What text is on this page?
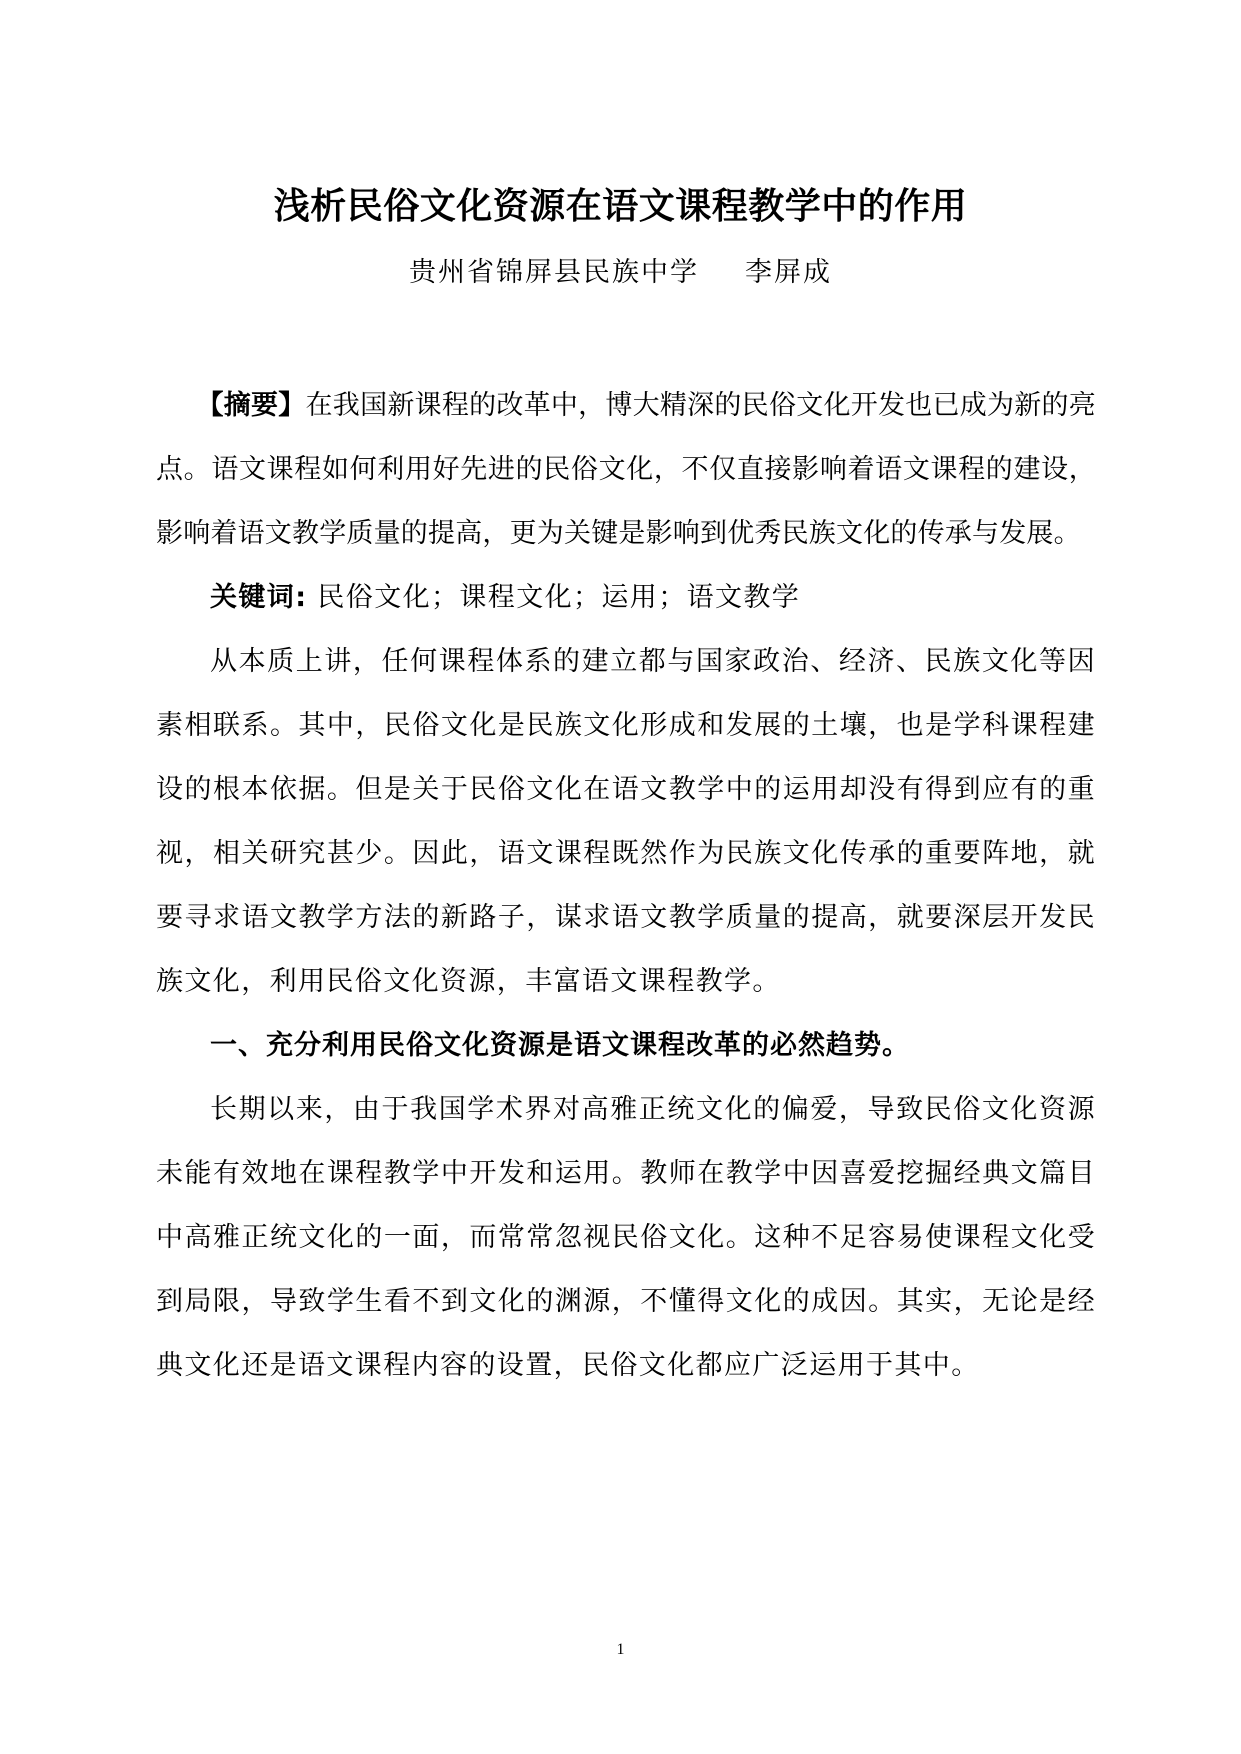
浅析民俗文化资源在语文课程教学中的作用
贵州省锦屏县民族中学 李屏成

【摘要】在我国新课程的改革中，博大精深的民俗文化开发也已成为新的亮点。语文课程如何利用好先进的民俗文化，不仅直接影响着语文课程的建设，影响着语文教学质量的提高，更为关键是影响到优秀民族文化的传承与发展。

关键词: 民俗文化；课程文化；运用；语文教学

从本质上讲，任何课程体系的建立都与国家政治、经济、民族文化等因素相联系。其中，民俗文化是民族文化形成和发展的土壤，也是学科课程建设的根本依据。但是关于民俗文化在语文教学中的运用却没有得到应有的重视，相关研究甚少。因此，语文课程既然作为民族文化传承的重要阵地，就要寻求语文教学方法的新路子，谋求语文教学质量的提高，就要深层开发民族文化，利用民俗文化资源，丰富语文课程教学。

一、充分利用民俗文化资源是语文课程改革的必然趋势。

长期以来，由于我国学术界对高雅正统文化的偏爱，导致民俗文化资源未能有效地在课程教学中开发和运用。教师在教学中因喜爱挖掘经典文篇目中高雅正统文化的一面，而常常忽视民俗文化。这种不足容易使课程文化受到局限，导致学生看不到文化的渊源，不懂得文化的成因。其实，无论是经典文化还是语文课程内容的设置，民俗文化都应广泛运用于其中。

1
